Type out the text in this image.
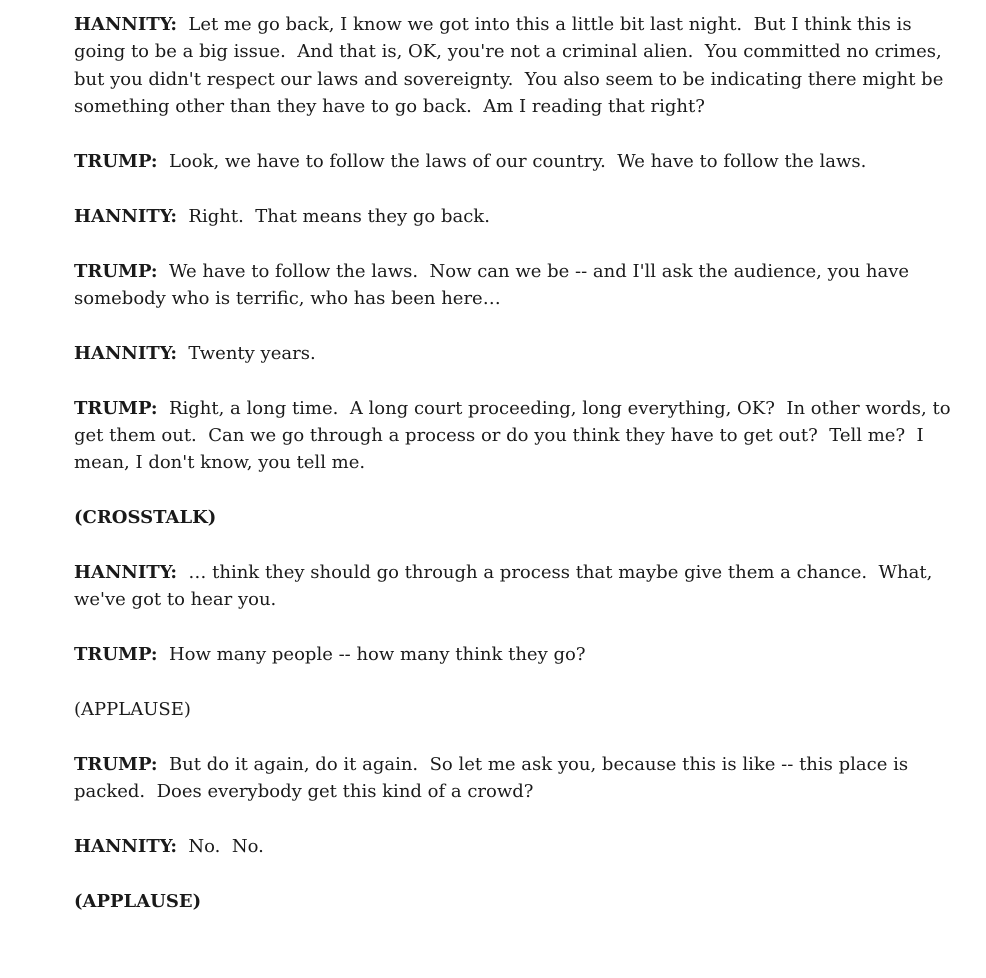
HANNITY:  Let me go back, I know we got into this a little bit last night.  But I think this is going to be a big issue.  And that is, OK, you're not a criminal alien.  You committed no crimes, but you didn't respect our laws and sovereignty.  You also seem to be indicating there might be something other than they have to go back.  Am I reading that right?

TRUMP:  Look, we have to follow the laws of our country.  We have to follow the laws.

HANNITY:  Right.  That means they go back.

TRUMP:  We have to follow the laws.  Now can we be -- and I'll ask the audience, you have somebody who is terrific, who has been here…

HANNITY:  Twenty years.

TRUMP:  Right, a long time.  A long court proceeding, long everything, OK?  In other words, to get them out.  Can we go through a process or do you think they have to get out?  Tell me?  I mean, I don't know, you tell me.

(CROSSTALK)

HANNITY:  … think they should go through a process that maybe give them a chance.  What, we've got to hear you.

TRUMP:  How many people -- how many think they go?

(APPLAUSE)

TRUMP:  But do it again, do it again.  So let me ask you, because this is like -- this place is packed.  Does everybody get this kind of a crowd?

HANNITY:  No.  No.

(APPLAUSE)
